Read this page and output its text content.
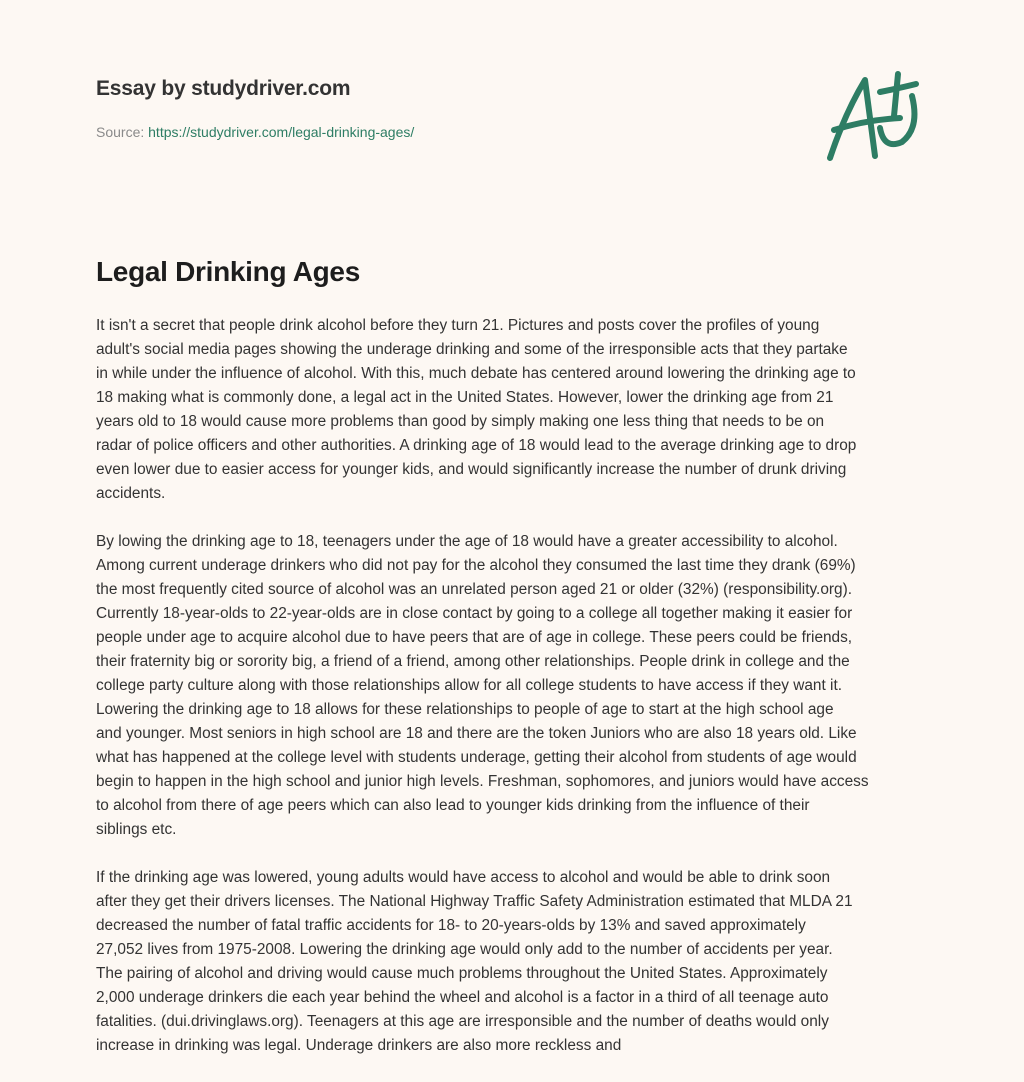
Essay by studydriver.com
Source: https://studydriver.com/legal-drinking-ages/
Legal Drinking Ages

It isn't a secret that people drink alcohol before they turn 21. Pictures and posts cover the profiles of young
adult's social media pages showing the underage drinking and some of the irresponsible acts that they partake
in while under the influence of alcohol. With this, much debate has centered around lowering the drinking age to
18 making what is commonly done, a legal act in the United States. However, lower the drinking age from 21
years old to 18 would cause more problems than good by simply making one less thing that needs to be on
radar of police officers and other authorities. A drinking age of 18 would lead to the average drinking age to drop
even lower due to easier access for younger kids, and would significantly increase the number of drunk driving
accidents.

By lowing the drinking age to 18, teenagers under the age of 18 would have a greater accessibility to alcohol.
Among current underage drinkers who did not pay for the alcohol they consumed the last time they drank (69%)
the most frequently cited source of alcohol was an unrelated person aged 21 or older (32%) (responsibility.org).
Currently 18-year-olds to 22-year-olds are in close contact by going to a college all together making it easier for
people under age to acquire alcohol due to have peers that are of age in college. These peers could be friends,
their fraternity big or sorority big, a friend of a friend, among other relationships. People drink in college and the
college party culture along with those relationships allow for all college students to have access if they want it.
Lowering the drinking age to 18 allows for these relationships to people of age to start at the high school age
and younger. Most seniors in high school are 18 and there are the token Juniors who are also 18 years old. Like
what has happened at the college level with students underage, getting their alcohol from students of age would
begin to happen in the high school and junior high levels. Freshman, sophomores, and juniors would have access
to alcohol from there of age peers which can also lead to younger kids drinking from the influence of their
siblings etc.

If the drinking age was lowered, young adults would have access to alcohol and would be able to drink soon
after they get their drivers licenses. The National Highway Traffic Safety Administration estimated that MLDA 21
decreased the number of fatal traffic accidents for 18- to 20-years-olds by 13% and saved approximately
27,052 lives from 1975-2008. Lowering the drinking age would only add to the number of accidents per year.
The pairing of alcohol and driving would cause much problems throughout the United States. Approximately
2,000 underage drinkers die each year behind the wheel and alcohol is a factor in a third of all teenage auto
fatalities. (dui.drivinglaws.org). Teenagers at this age are irresponsible and the number of deaths would only
increase in drinking was legal. Underage drinkers are also more reckless and
